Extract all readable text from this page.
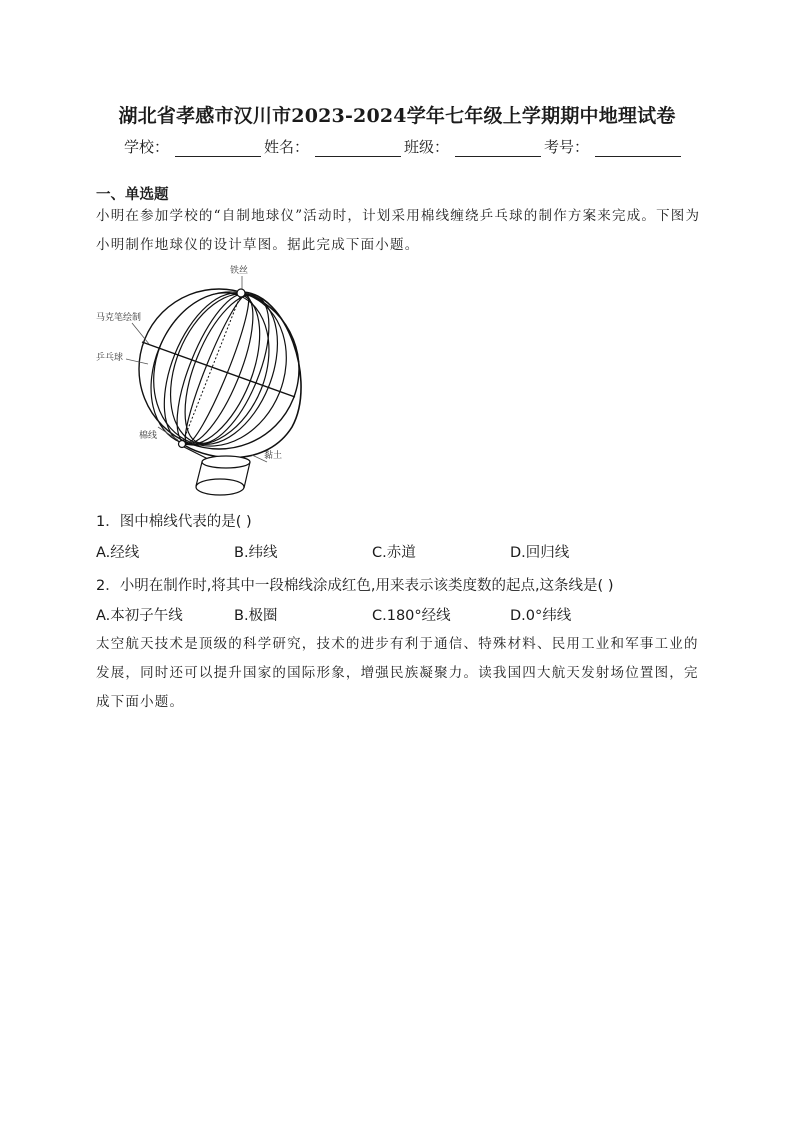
湖北省孝感市汉川市2023-2024学年七年级上学期期中地理试卷
学校：	姓名：	班级：	考号：
一、单选题
小明在参加学校的“自制地球仪”活动时，计划采用棉线缠绕乒乓球的制作方案来完成。下图为小明制作地球仪的设计草图。据此完成下面小题。
铁丝
马克笔绘制
乒乓球
棉线
黏土
1．图中棉线代表的是( )
A.经线	B.纬线	C.赤道	D.回归线
2．小明在制作时,将其中一段棉线涂成红色,用来表示该类度数的起点,这条线是( )
A.本初子午线	B.极圈	C.180°经线	D.0°纬线
太空航天技术是顶级的科学研究，技术的进步有利于通信、特殊材料、民用工业和军事工业的发展，同时还可以提升国家的国际形象，增强民族凝聚力。读我国四大航天发射场位置图，完成下面小题。
